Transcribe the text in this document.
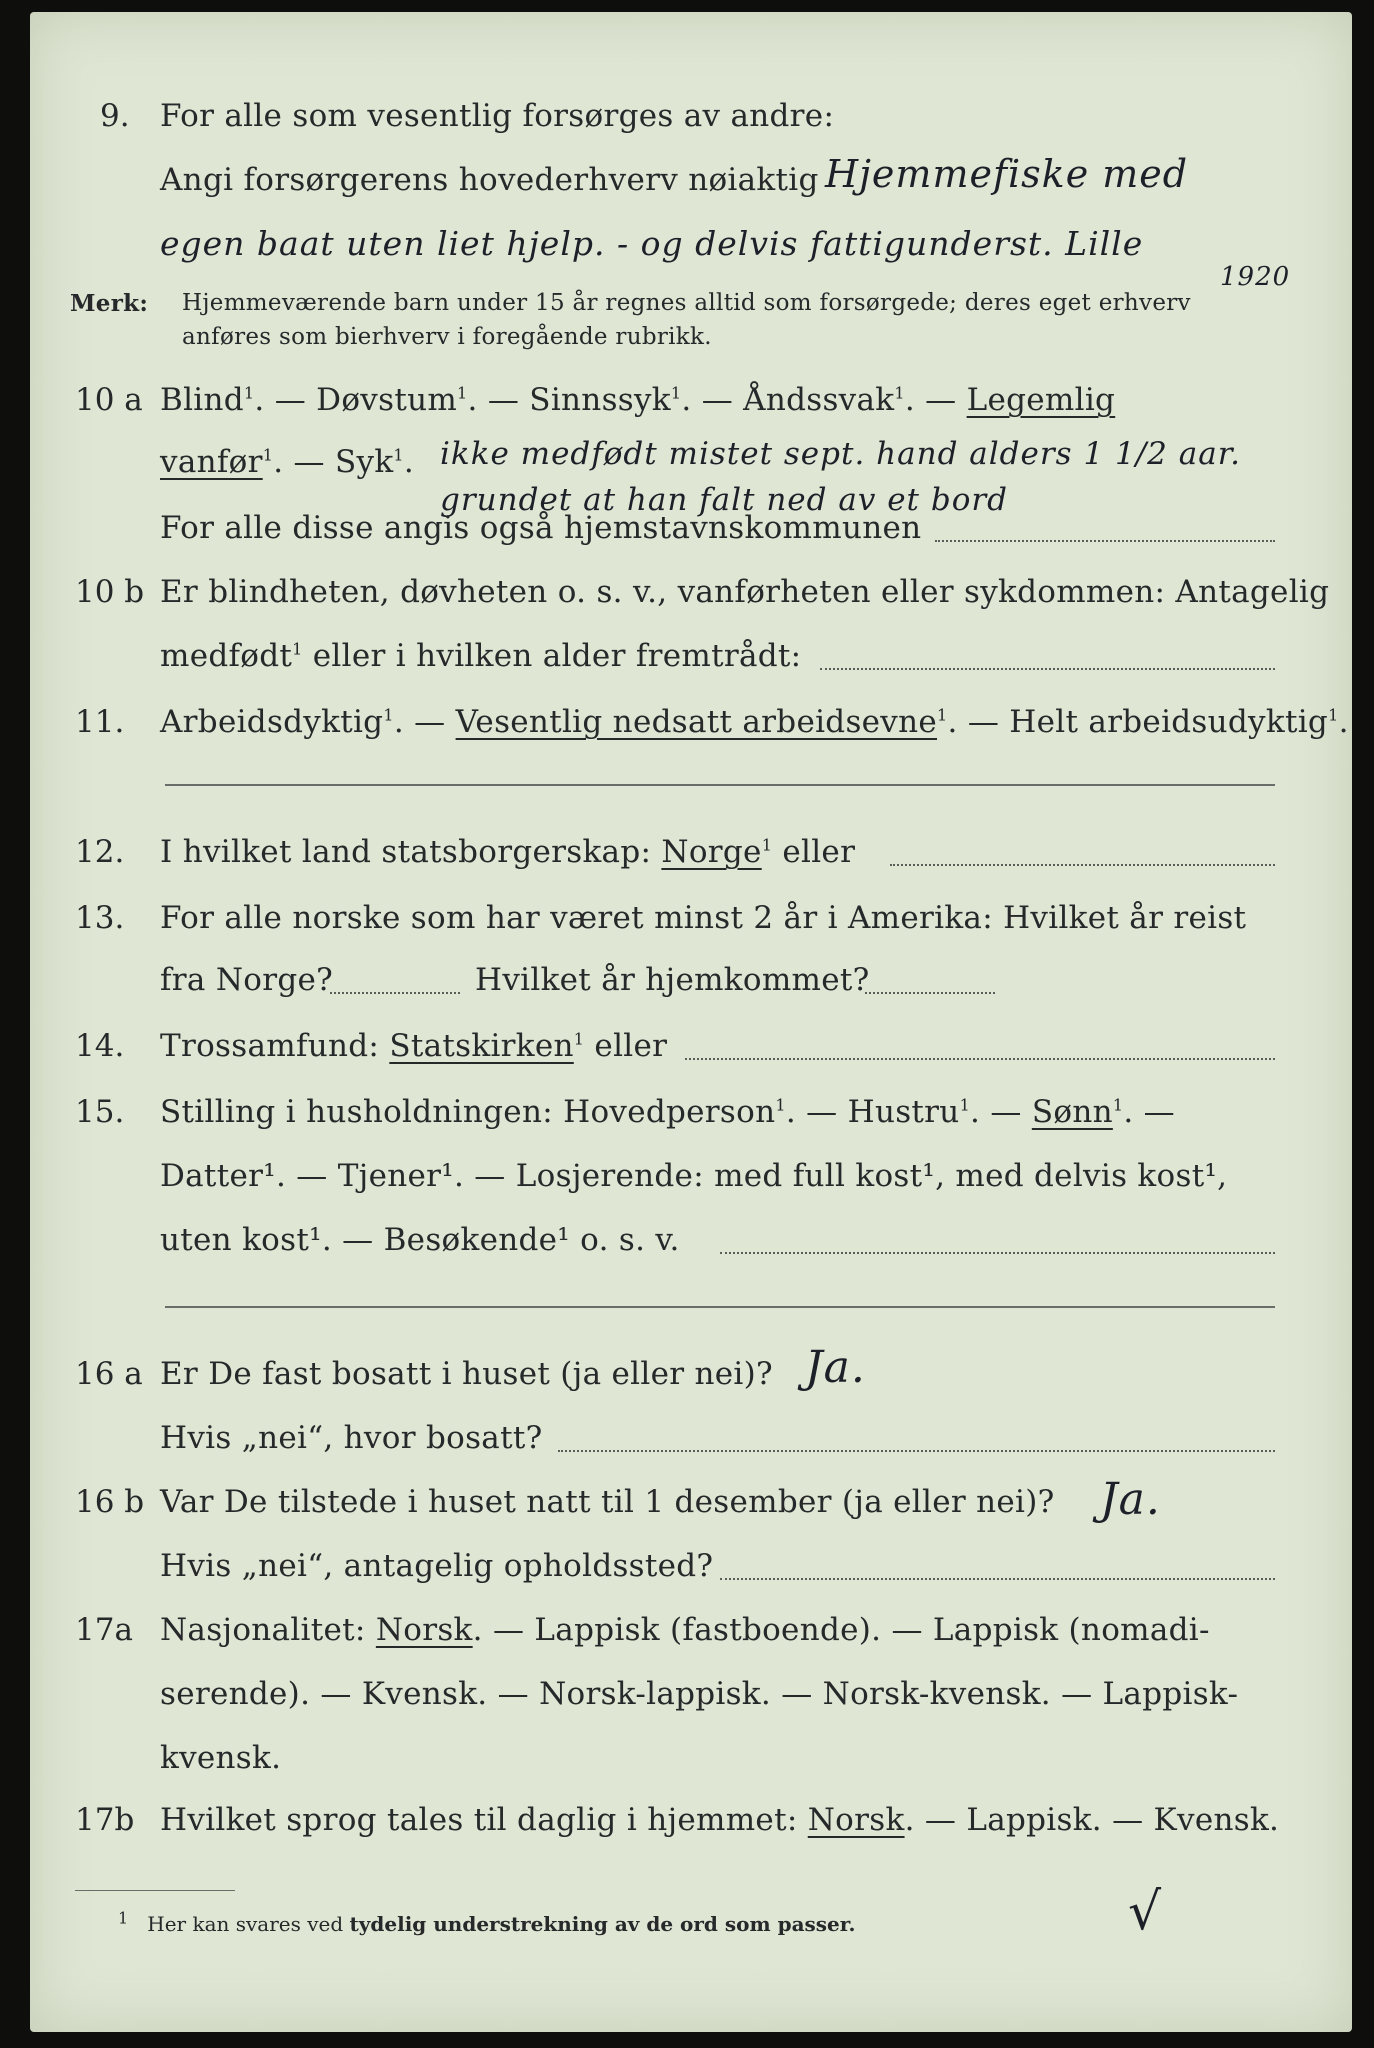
9. For alle som vesentlig forsørges av andre:
Angi forsørgerens hovederhverv nøiaktig Hjemmefiske med
egen baat uten liet hjelp. - og delvis fattigunderst. Lille
1920
Merk: Hjemmeværende barn under 15 år regnes alltid som forsørgede; deres eget erhverv
anføres som bierhverv i foregående rubrikk.
10 a Blind$^1$. — Døvstum$^1$. — Sinnssyk$^1$. — Åndssvak$^1$. — Legemlig
vanfør$^1$. — Syk$^1$. ikke medfødt mistet sept. hand alders 1 1/2 aar.
grundet at han falt ned av et bord
For alle disse angis også hjemstavnskommunen
10 b Er blindheten, døvheten o. s. v., vanførheten eller sykdommen: Antagelig
medfødt$^1$ eller i hvilken alder fremtrådt:
11. Arbeidsdyktig$^1$. — Vesentlig nedsatt arbeidsevne$^1$. — Helt arbeidsudyktig$^1$.
12. I hvilket land statsborgerskap: Norge$^1$ eller
13. For alle norske som har været minst 2 år i Amerika: Hvilket år reist
fra Norge?	Hvilket år hjemkommet?
14. Trossamfund: Statskirken$^1$ eller
15. Stilling i husholdningen: Hovedperson$^1$. — Hustru$^1$. — Sønn$^1$. —
Datter¹. — Tjener¹. — Losjerende: med full kost¹, med delvis kost¹,
uten kost¹. — Besøkende¹ o. s. v.
16 a Er De fast bosatt i huset (ja eller nei)? Ja.
Hvis „nei“, hvor bosatt?
16 b Var De tilstede i huset natt til 1 desember (ja eller nei)? Ja.
Hvis „nei“, antagelig opholdssted?
17a Nasjonalitet: Norsk. — Lappisk (fastboende). — Lappisk (nomadi-
serende). — Kvensk. — Norsk-lappisk. — Norsk-kvensk. — Lappisk-
kvensk.
17b Hvilket sprog tales til daglig i hjemmet: Norsk. — Lappisk. — Kvensk.
$^1$ Her kan svares ved tydelig understrekning av de ord som passer.	√
